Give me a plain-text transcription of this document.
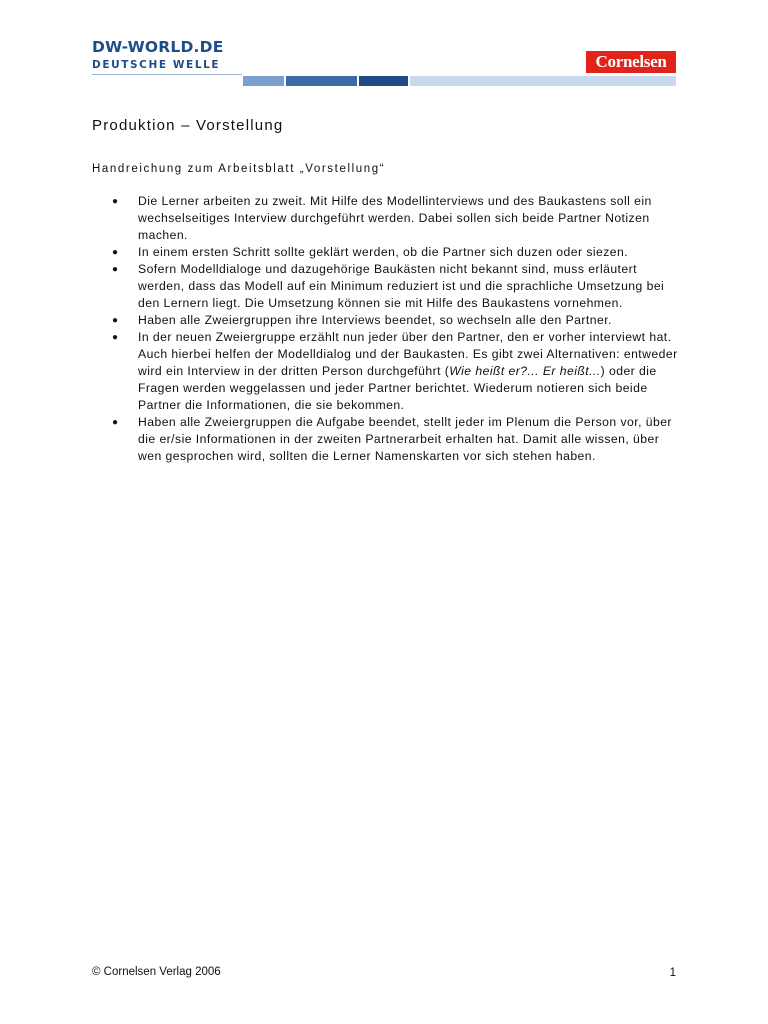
DW-WORLD.DE
DEUTSCHE WELLE	Cornelsen
Produktion – Vorstellung
Handreichung zum Arbeitsblatt „Vorstellung“
● Die Lerner arbeiten zu zweit. Mit Hilfe des Modellinterviews und des Baukastens soll ein wechselseitiges Interview durchgeführt werden. Dabei sollen sich beide Partner Notizen machen.
● In einem ersten Schritt sollte geklärt werden, ob die Partner sich duzen oder siezen.
● Sofern Modelldialoge und dazugehörige Baukästen nicht bekannt sind, muss erläutert werden, dass das Modell auf ein Minimum reduziert ist und die sprachliche Umsetzung bei den Lernern liegt. Die Umsetzung können sie mit Hilfe des Baukastens vornehmen.
● Haben alle Zweiergruppen ihre Interviews beendet, so wechseln alle den Partner.
● In der neuen Zweiergruppe erzählt nun jeder über den Partner, den er vorher interviewt hat. Auch hierbei helfen der Modelldialog und der Baukasten. Es gibt zwei Alternativen: entweder wird ein Interview in der dritten Person durchgeführt (Wie heißt er?... Er heißt...) oder die Fragen werden weggelassen und jeder Partner berichtet. Wiederum notieren sich beide Partner die Informationen, die sie bekommen.
● Haben alle Zweiergruppen die Aufgabe beendet, stellt jeder im Plenum die Person vor, über die er/sie Informationen in der zweiten Partnerarbeit erhalten hat. Damit alle wissen, über wen gesprochen wird, sollten die Lerner Namenskarten vor sich stehen haben.
© Cornelsen Verlag 2006	1
